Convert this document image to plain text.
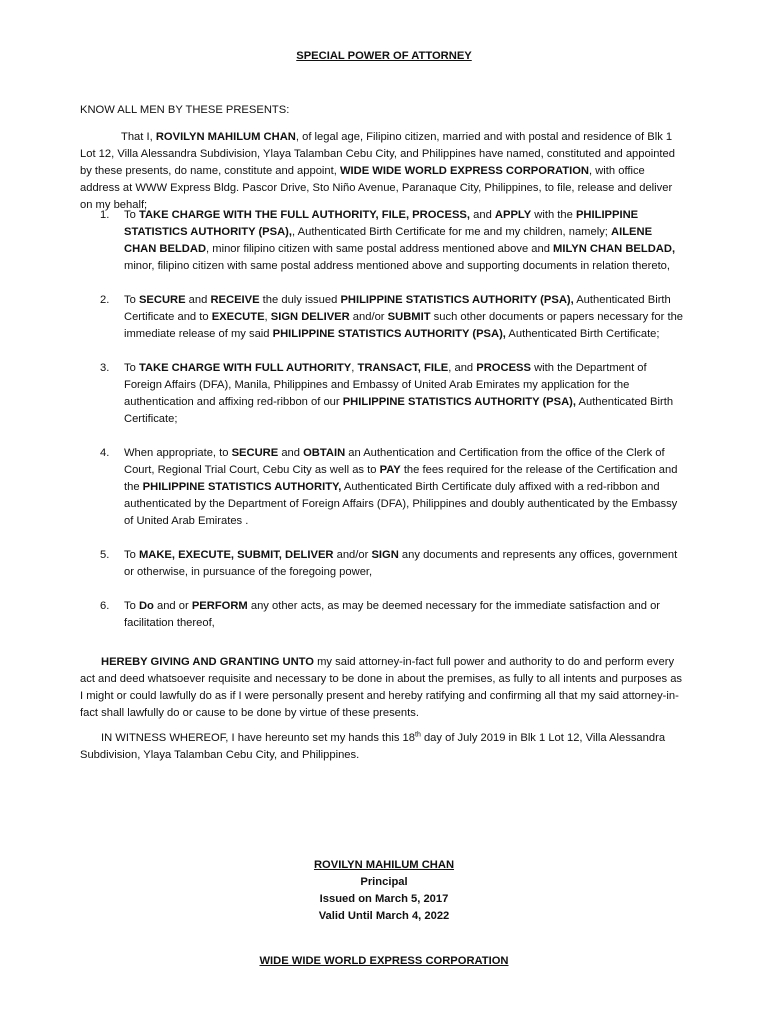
SPECIAL POWER OF ATTORNEY
KNOW ALL MEN BY THESE PRESENTS:

That I, ROVILYN MAHILUM CHAN, of legal age, Filipino citizen, married and with postal and residence of Blk 1 Lot 12, Villa Alessandra Subdivision, Ylaya Talamban Cebu City, and Philippines have named, constituted and appointed by these presents, do name, constitute and appoint, WIDE WIDE WORLD EXPRESS CORPORATION, with office address at WWW Express Bldg. Pascor Drive, Sto Niño Avenue, Paranaque City, Philippines, to file, release and deliver on my behalf;

1. To TAKE CHARGE WITH THE FULL AUTHORITY, FILE, PROCESS, and APPLY with the PHILIPPINE STATISTICS AUTHORITY (PSA),, Authenticated Birth Certificate for me and my children, namely; AILENE CHAN BELDAD, minor filipino citizen with same postal address mentioned above and MILYN CHAN BELDAD, minor, filipino citizen with same postal address mentioned above and supporting documents in relation thereto,
2. To SECURE and RECEIVE the duly issued PHILIPPINE STATISTICS AUTHORITY (PSA), Authenticated Birth Certificate and to EXECUTE, SIGN DELIVER and/or SUBMIT such other documents or papers necessary for the immediate release of my said PHILIPPINE STATISTICS AUTHORITY (PSA), Authenticated Birth Certificate;
3. To TAKE CHARGE WITH FULL AUTHORITY, TRANSACT, FILE, and PROCESS with the Department of Foreign Affairs (DFA), Manila, Philippines and Embassy of United Arab Emirates my application for the authentication and affixing red-ribbon of our PHILIPPINE STATISTICS AUTHORITY (PSA), Authenticated Birth Certificate;
4. When appropriate, to SECURE and OBTAIN an Authentication and Certification from the office of the Clerk of Court, Regional Trial Court, Cebu City as well as to PAY the fees required for the release of the Certification and the PHILIPPINE STATISTICS AUTHORITY, Authenticated Birth Certificate duly affixed with a red-ribbon and authenticated by the Department of Foreign Affairs (DFA), Philippines and doubly authenticated by the Embassy of United Arab Emirates .
5. To MAKE, EXECUTE, SUBMIT, DELIVER and/or SIGN any documents and represents any offices, government or otherwise, in pursuance of the foregoing power,
6. To Do and or PERFORM any other acts, as may be deemed necessary for the immediate satisfaction and or facilitation thereof,

HEREBY GIVING AND GRANTING UNTO my said attorney-in-fact full power and authority to do and perform every act and deed whatsoever requisite and necessary to be done in about the premises, as fully to all intents and purposes as I might or could lawfully do as if I were personally present and hereby ratifying and confirming all that my said attorney-in-fact shall lawfully do or cause to be done by virtue of these presents.

IN WITNESS WHEREOF, I have hereunto set my hands this 18th day of July 2019 in Blk 1 Lot 12, Villa Alessandra Subdivision, Ylaya Talamban Cebu City, and Philippines.

ROVILYN MAHILUM CHAN
Principal
Issued on March 5, 2017
Valid Until March 4, 2022
WIDE WIDE WORLD EXPRESS CORPORATION
